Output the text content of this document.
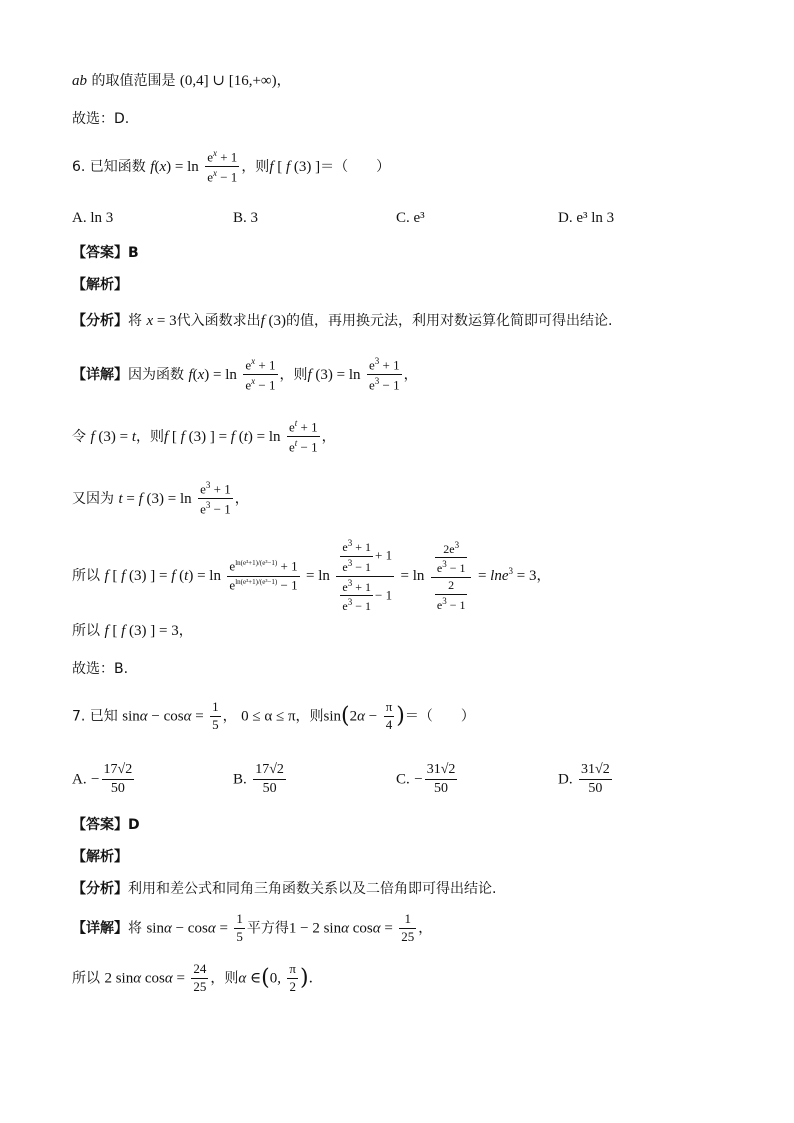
ab 的取值范围是 (0,4] ∪ [16,+∞)，
故选：D.
6. 已知函数 $f(x) = \ln \frac{e^x + 1}{e^x - 1}$ ，则f [ f (3) ]＝（　　）
A. ln 3	B. 3	C. e³	D. e³ ln 3
【答案】B
【解析】
【分析】将 x = 3代入函数求出f (3)的值，再用换元法，利用对数运算化简即可得出结论.
【详解】因为函数 $f(x) = \ln \frac{e^x + 1}{e^x - 1}$ ，则f $(3) = \ln \frac{e^3 + 1}{e^3 - 1}$ ，
令 f (3) = t，则f [ f (3) ] = f $(t) = \ln \frac{e^t + 1}{e^t - 1}$ ，
又因为 t = f $(3) = \ln \frac{e^3 + 1}{e^3 - 1}$ ，
所以 f [ f (3) ] = f $(t) = \ln \frac{e^{ln(e^3+1)/(e^3-1)} + 1}{e^{ln(e^3+1)/(e^3-1)} - 1} = \ln \frac{\frac{e^3 + 1}{e^3 - 1} + 1}{\frac{e^3 + 1}{e^3 - 1} - 1} = \ln \frac{\frac{2e^3}{e^3 - 1}}{\frac{2}{e^3 - 1}} = \ln e^3 = 3$，
所以 f [ f (3) ] = 3，
故选：B.
7. 已知 $\sin\alpha - \cos\alpha = \frac{1}{5}$ ， 0 ≤ α ≤ π，则$\sin(2\alpha - \frac{\pi}{4}$ )＝（　　）
A. − $\frac{17√2}{50}$	B. $\frac{17√2}{50}$	C. − $\frac{31√2}{50}$	D. $\frac{31√2}{50}$
【答案】D
【解析】
【分析】利用和差公式和同角三角函数关系以及二倍角即可得出结论.
【详解】将 $\sin\alpha - \cos\alpha = \frac{1}{5}$ 平方得1 − 2 sinα $\cos\alpha = \frac{1}{25}$ ，
所以 2 sinα $\cos\alpha = \frac{24}{25}$ ，则α ∈(0, $\frac{\pi}{2}$ )．
